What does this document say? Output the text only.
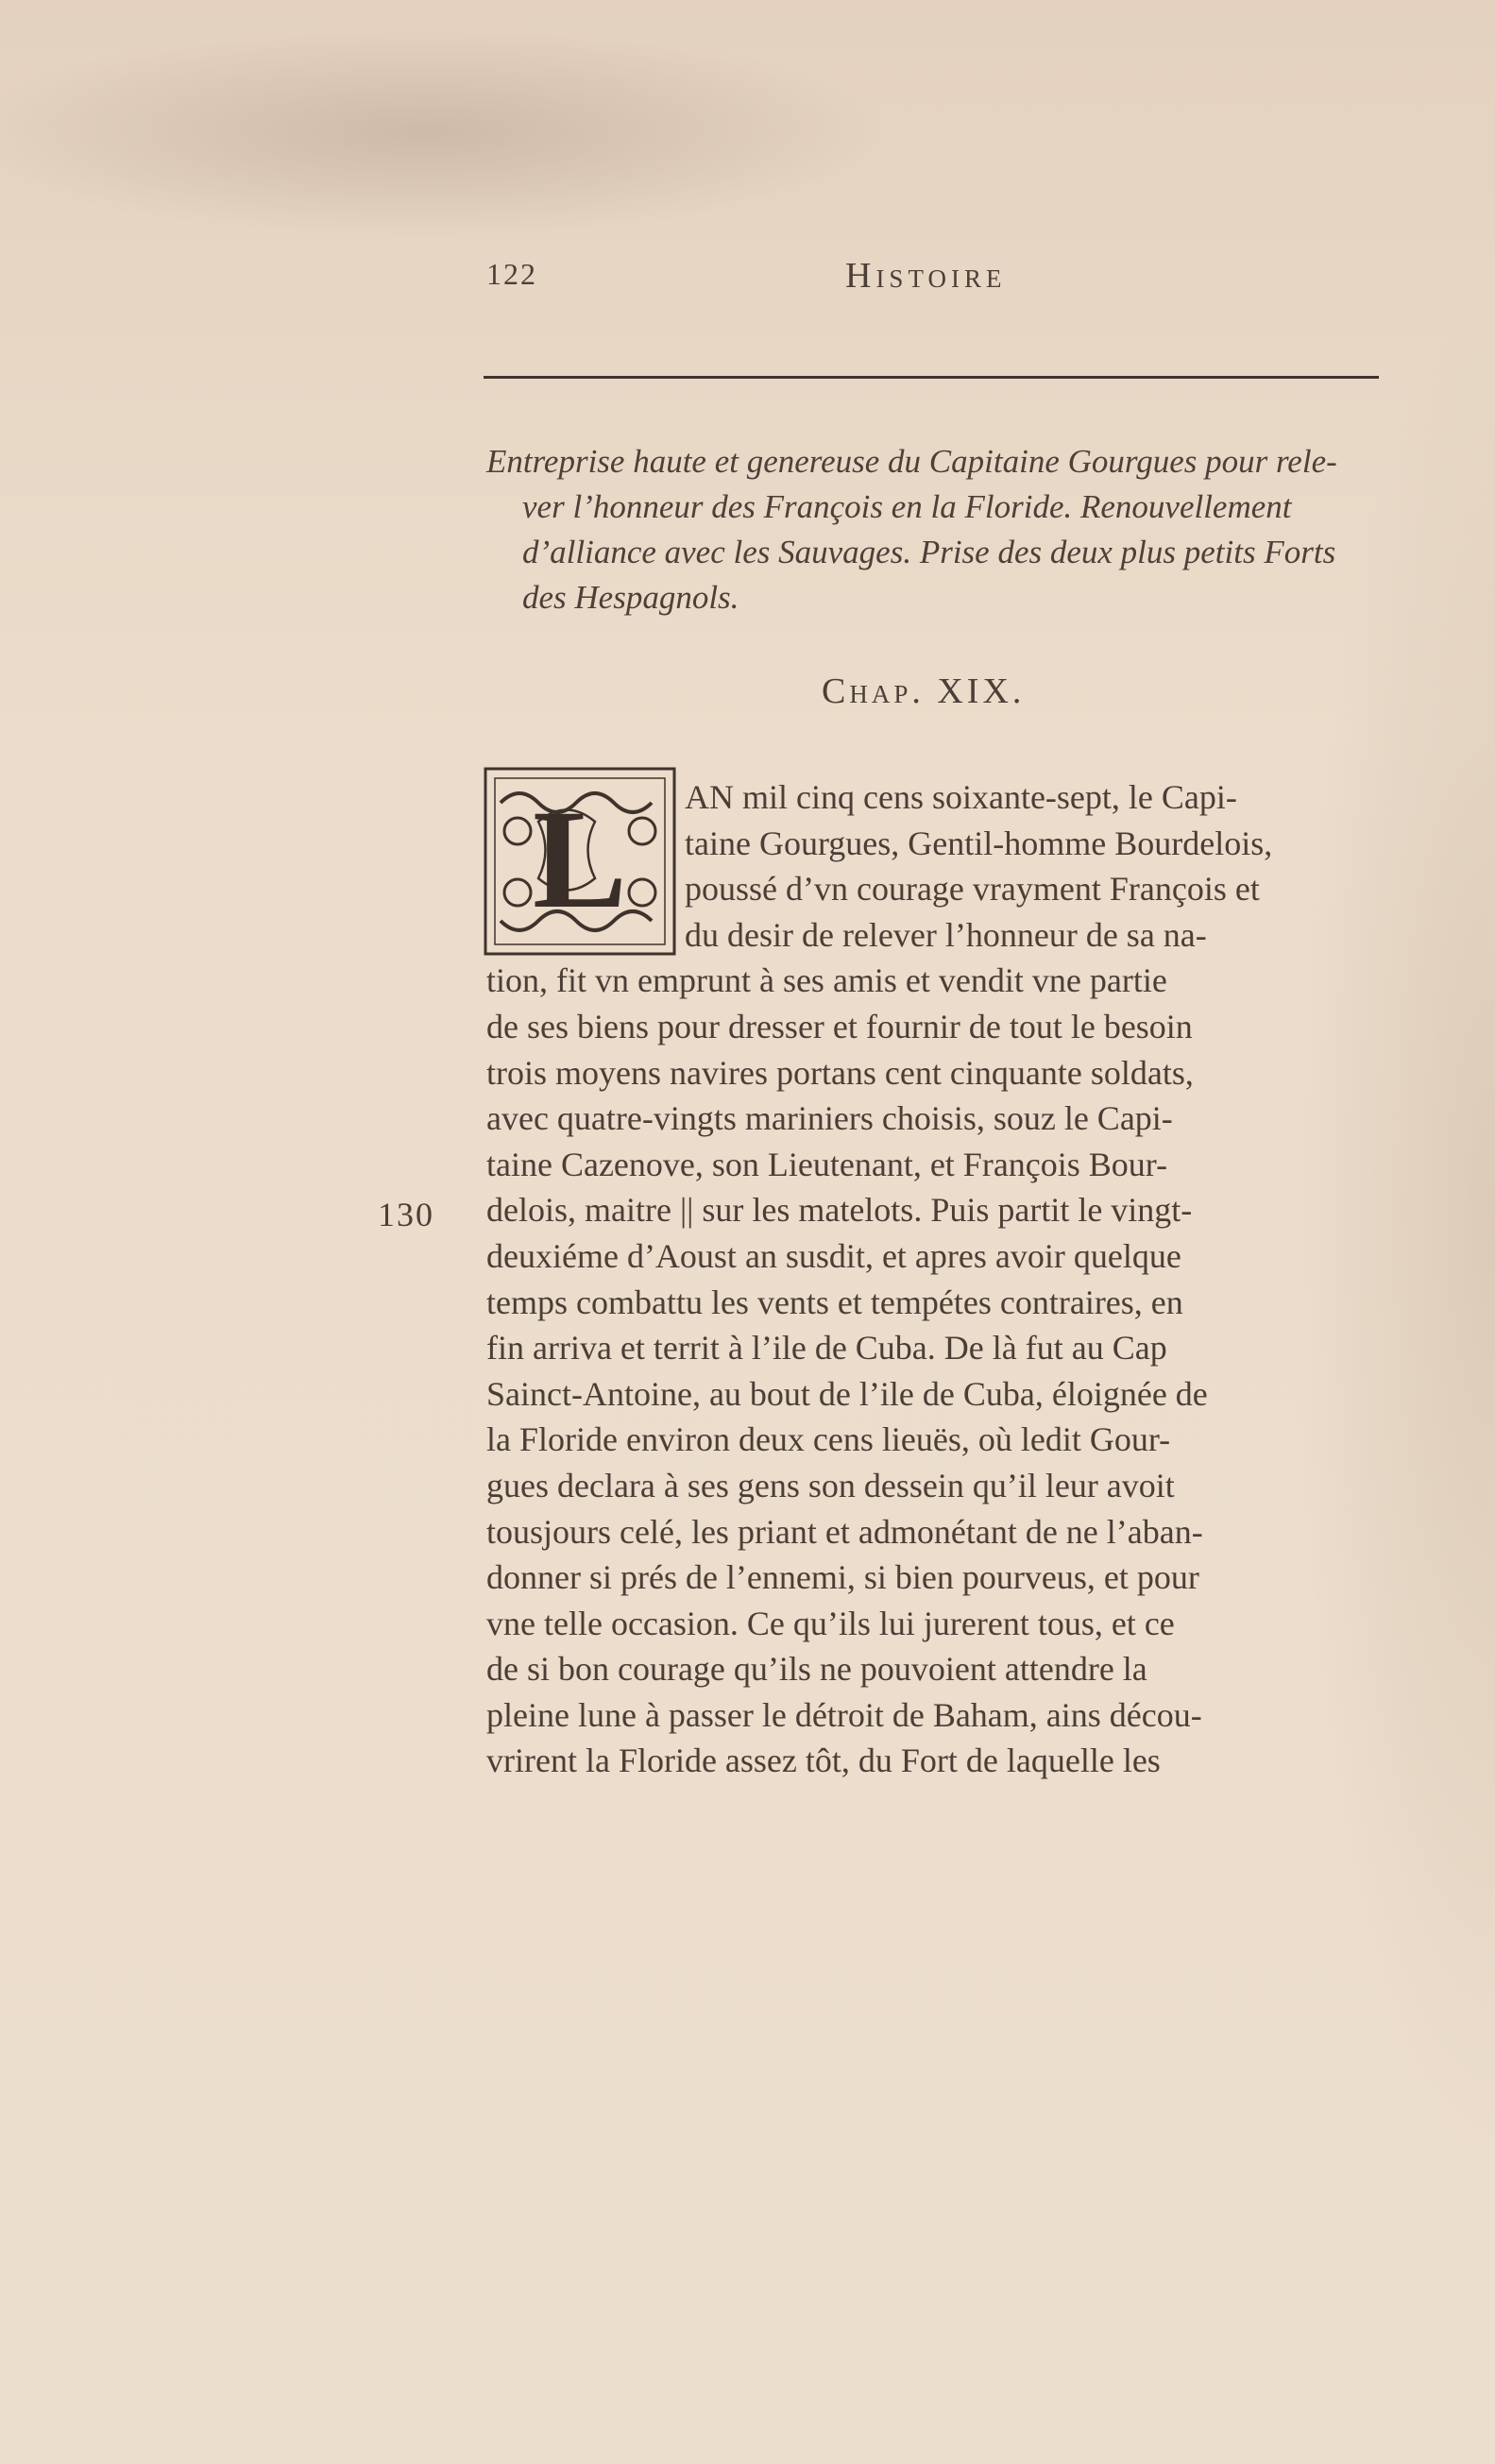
122	Histoire
Entreprise haute et genereuse du Capitaine Gourgues pour rele-
ver l’honneur des François en la Floride. Renouvellement
d’alliance avec les Sauvages. Prise des deux plus petits Forts
des Hespagnols.
Chap. XIX.
L
130
AN mil cinq cens soixante-sept, le Capi-
taine Gourgues, Gentil-homme Bourdelois,
poussé d’vn courage vrayment François et
du desir de relever l’honneur de sa na-
tion, fit vn emprunt à ses amis et vendit vne partie
de ses biens pour dresser et fournir de tout le besoin
trois moyens navires portans cent cinquante soldats,
avec quatre-vingts mariniers choisis, souz le Capi-
taine Cazenove, son Lieutenant, et François Bour-
delois, maitre || sur les matelots. Puis partit le vingt-
deuxiéme d’Aoust an susdit, et apres avoir quelque
temps combattu les vents et tempétes contraires, en
fin arriva et territ à l’ile de Cuba. De là fut au Cap
Sainct-Antoine, au bout de l’ile de Cuba, éloignée de
la Floride environ deux cens lieuës, où ledit Gour-
gues declara à ses gens son dessein qu’il leur avoit
tousjours celé, les priant et admonétant de ne l’aban-
donner si prés de l’ennemi, si bien pourveus, et pour
vne telle occasion. Ce qu’ils lui jurerent tous, et ce
de si bon courage qu’ils ne pouvoient attendre la
pleine lune à passer le détroit de Baham, ains décou-
vrirent la Floride assez tôt, du Fort de laquelle les
